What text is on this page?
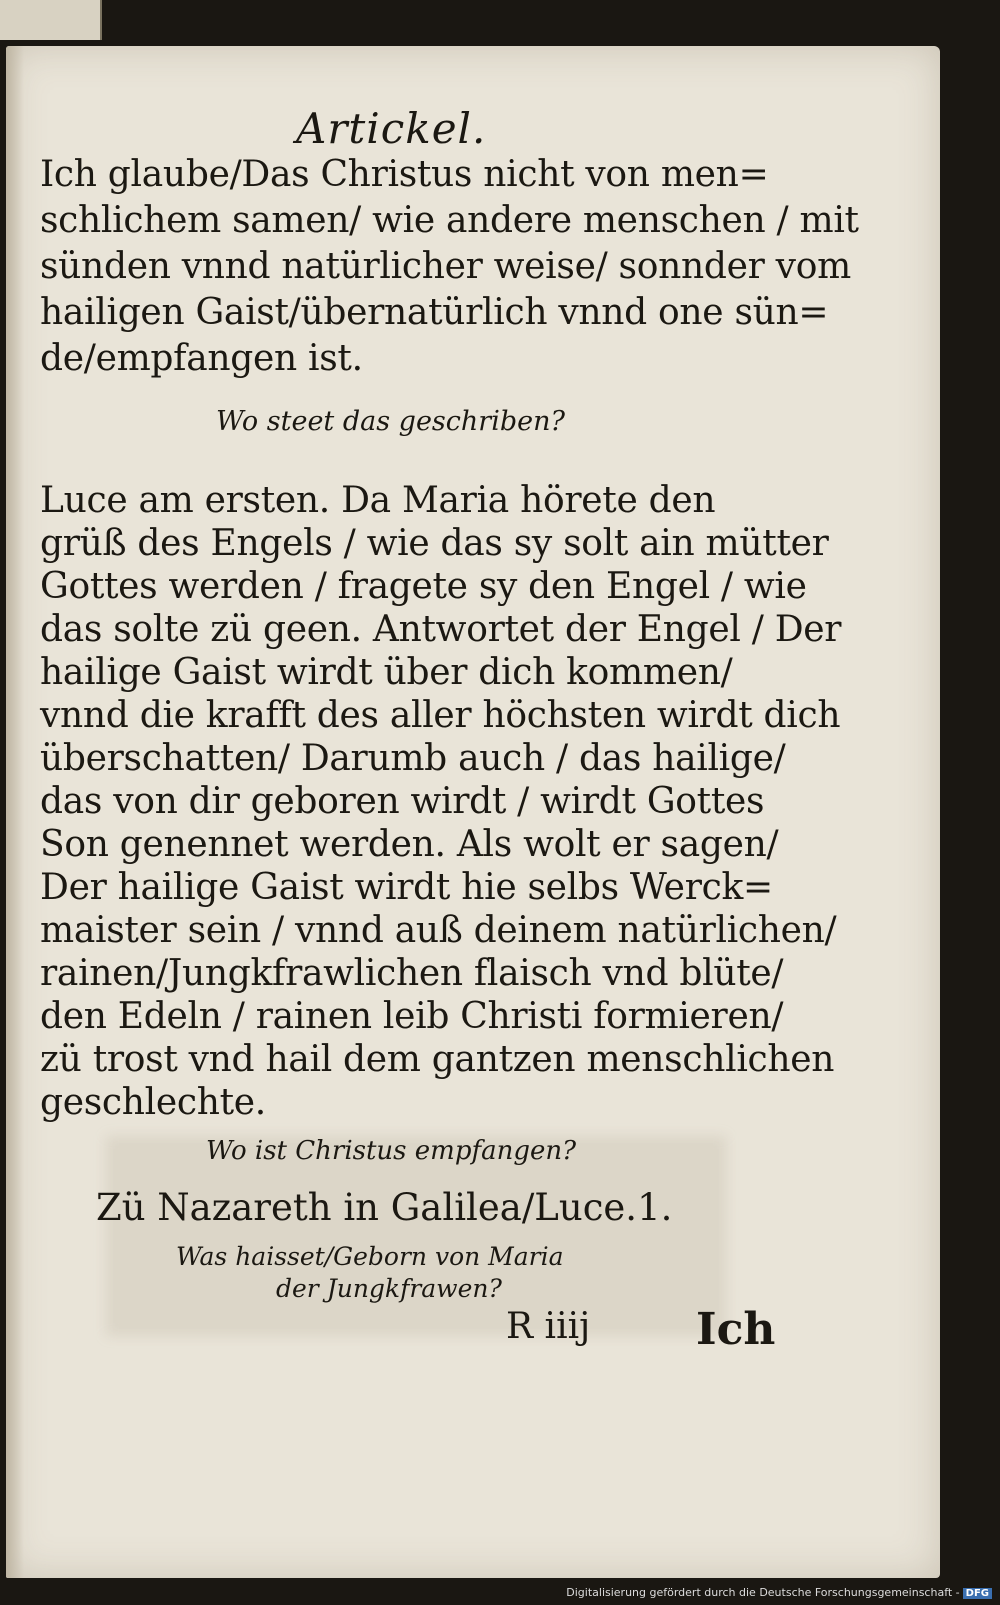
Artickel.
Ich glaube/Das Christus nicht von men=
schlichem samen/ wie andere menschen / mit
sünden vnnd natürlicher weise/ sonnder vom
hailigen Gaist/übernatürlich vnnd one sün=
de/empfangen ist.
Wo steet das geschriben?
Luce am ersten. Da Maria hörete den
grüß des Engels / wie das sy solt ain mütter
Gottes werden / fragete sy den Engel / wie
das solte zü geen. Antwortet der Engel / Der
hailige Gaist wirdt über dich kommen/
vnnd die krafft des aller höchsten wirdt dich
überschatten/ Darumb auch / das hailige/
das von dir geboren wirdt / wirdt Gottes
Son genennet werden. Als wolt er sagen/
Der hailige Gaist wirdt hie selbs Werck=
maister sein / vnnd auß deinem natürlichen/
rainen/Jungkfrawlichen flaisch vnd blüte/
den Edeln / rainen leib Christi formieren/
zü trost vnd hail dem gantzen menschlichen
geschlechte.
Wo ist Christus empfangen?
Zü Nazareth in Galilea/Luce.1.
Was haisset/Geborn von Maria
der Jungkfrawen?
R iiij Ich
Digitalisierung gefördert durch die Deutsche Forschungsgemeinschaft - DFG
